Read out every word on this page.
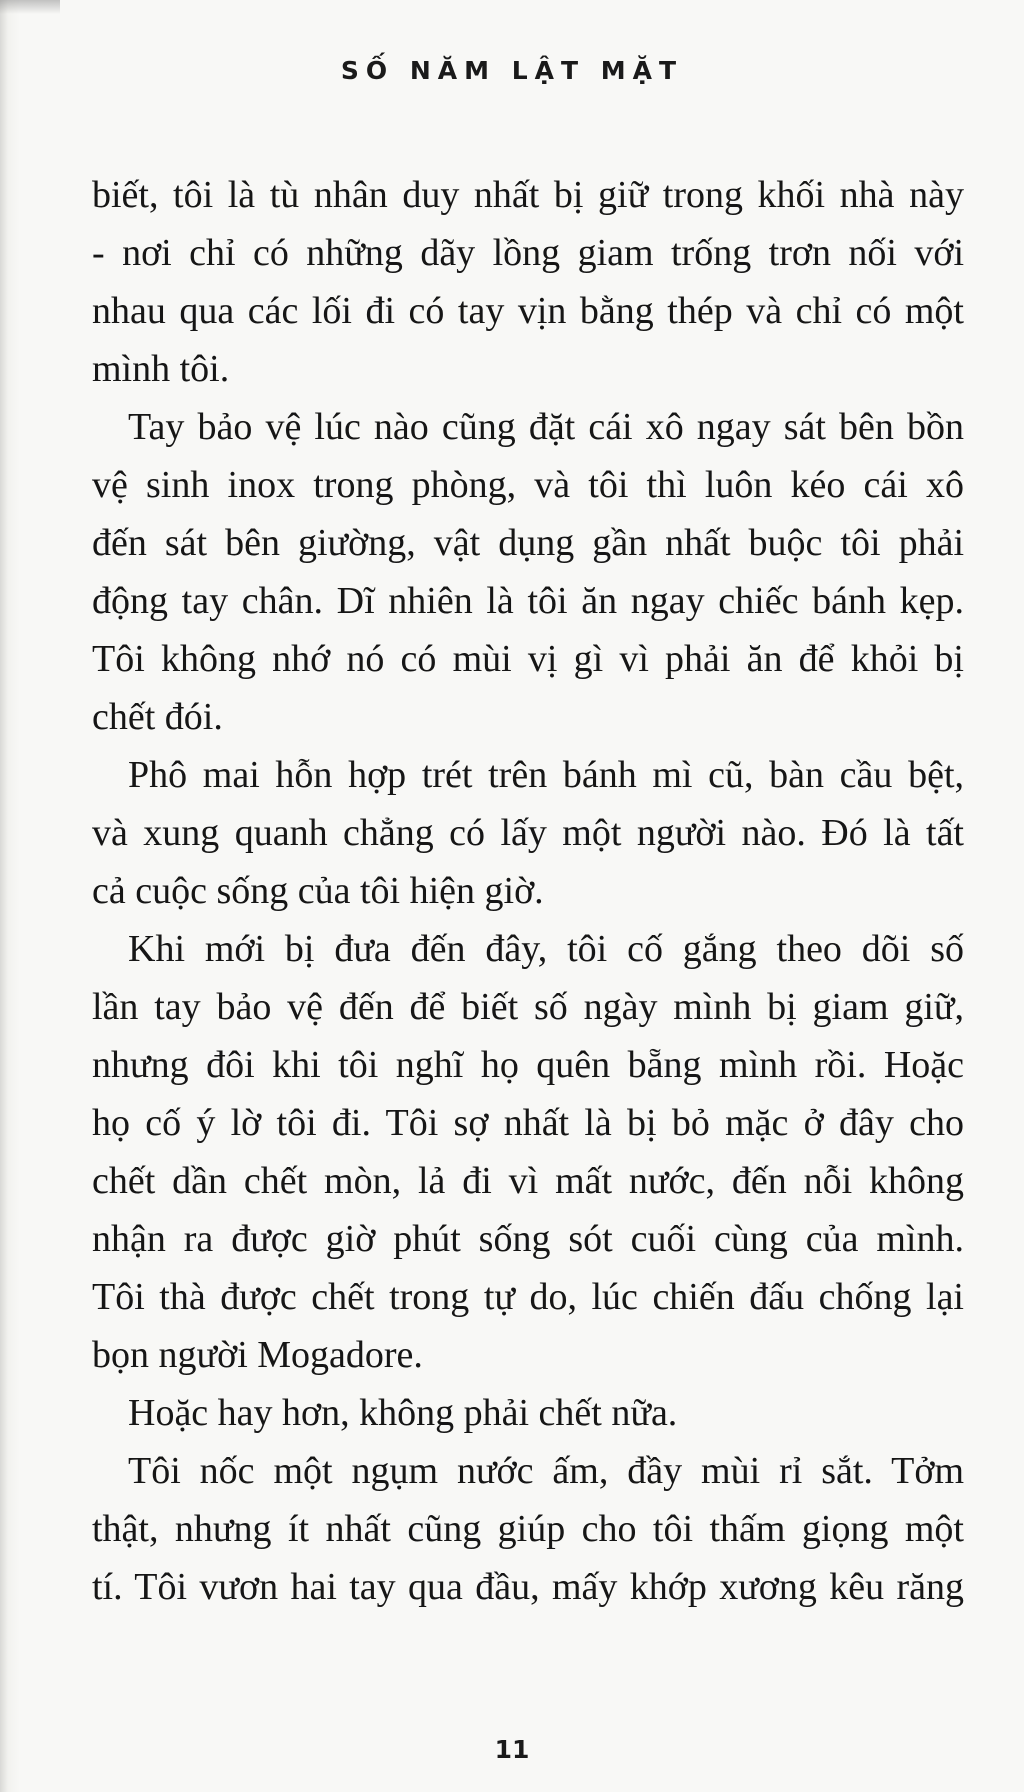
SỐ NĂM LẬT MẶT
biết, tôi là tù nhân duy nhất bị giữ trong khối nhà này
- nơi chỉ có những dãy lồng giam trống trơn nối với
nhau qua các lối đi có tay vịn bằng thép và chỉ có một
mình tôi.
Tay bảo vệ lúc nào cũng đặt cái xô ngay sát bên bồn
vệ sinh inox trong phòng, và tôi thì luôn kéo cái xô
đến sát bên giường, vật dụng gần nhất buộc tôi phải
động tay chân. Dĩ nhiên là tôi ăn ngay chiếc bánh kẹp.
Tôi không nhớ nó có mùi vị gì vì phải ăn để khỏi bị
chết đói.
Phô mai hỗn hợp trét trên bánh mì cũ, bàn cầu bệt,
và xung quanh chẳng có lấy một người nào. Đó là tất
cả cuộc sống của tôi hiện giờ.
Khi mới bị đưa đến đây, tôi cố gắng theo dõi số
lần tay bảo vệ đến để biết số ngày mình bị giam giữ,
nhưng đôi khi tôi nghĩ họ quên bẵng mình rồi. Hoặc
họ cố ý lờ tôi đi. Tôi sợ nhất là bị bỏ mặc ở đây cho
chết dần chết mòn, lả đi vì mất nước, đến nỗi không
nhận ra được giờ phút sống sót cuối cùng của mình.
Tôi thà được chết trong tự do, lúc chiến đấu chống lại
bọn người Mogadore.
Hoặc hay hơn, không phải chết nữa.
Tôi nốc một ngụm nước ấm, đầy mùi rỉ sắt. Tởm
thật, nhưng ít nhất cũng giúp cho tôi thấm giọng một
tí. Tôi vươn hai tay qua đầu, mấy khớp xương kêu răng
11
